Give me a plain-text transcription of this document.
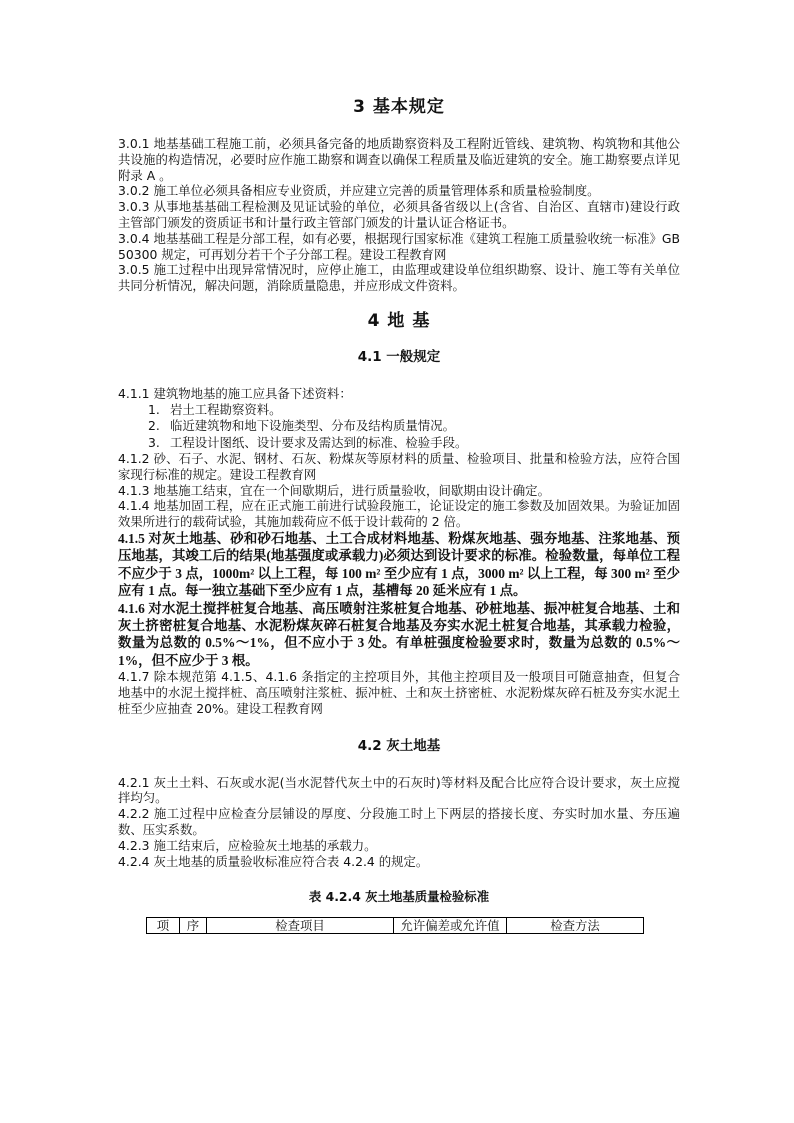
3 基本规定

3.0.1 地基基础工程施工前，必须具备完备的地质勘察资料及工程附近管线、建筑物、构筑物和其他公共设施的构造情况，必要时应作施工勘察和调查以确保工程质量及临近建筑的安全。施工勘察要点详见附录 A 。

3.0.2 施工单位必须具备相应专业资质，并应建立完善的质量管理体系和质量检验制度。

3.0.3 从事地基基础工程检测及见证试验的单位，必须具备省级以上(含省、自治区、直辖市)建设行政主管部门颁发的资质证书和计量行政主管部门颁发的计量认证合格证书。

3.0.4 地基基础工程是分部工程，如有必要，根据现行国家标准《建筑工程施工质量验收统一标准》GB50300 规定，可再划分若干个子分部工程。建设工程教育网

3.0.5 施工过程中出现异常情况时，应停止施工，由监理或建设单位组织勘察、设计、施工等有关单位共同分析情况，解决问题，消除质量隐患，并应形成文件资料。

4 地 基
4.1 一般规定

4.1.1 建筑物地基的施工应具备下述资料：

1. 岩土工程勘察资料。
2. 临近建筑物和地下设施类型、分布及结构质量情况。
3. 工程设计图纸、设计要求及需达到的标准、检验手段。

4.1.2 砂、石子、水泥、钢材、石灰、粉煤灰等原材料的质量、检验项目、批量和检验方法，应符合国家现行标准的规定。建设工程教育网

4.1.3 地基施工结束，宜在一个间歇期后，进行质量验收，间歇期由设计确定。

4.1.4 地基加固工程，应在正式施工前进行试验段施工，论证设定的施工参数及加固效果。为验证加固效果所进行的载荷试验，其施加载荷应不低于设计载荷的 2 倍。

4.1.5 对灰土地基、砂和砂石地基、土工合成材料地基、粉煤灰地基、强夯地基、注浆地基、预压地基，其竣工后的结果(地基强度或承载力)必须达到设计要求的标准。检验数量，每单位工程不应少于 3 点，1000m² 以上工程，每 100 m² 至少应有 1 点，3000 m² 以上工程，每 300 m² 至少应有 1 点。每一独立基础下至少应有 1 点，基槽每 20 延米应有 1 点。

4.1.6 对水泥土搅拌桩复合地基、高压喷射注浆桩复合地基、砂桩地基、振冲桩复合地基、土和灰土挤密桩复合地基、水泥粉煤灰碎石桩复合地基及夯实水泥土桩复合地基，其承载力检验，数量为总数的 0.5%～1%，但不应小于 3 处。有单桩强度检验要求时，数量为总数的 0.5%～1%，但不应少于 3 根。

4.1.7 除本规范第 4.1.5、4.1.6 条指定的主控项目外，其他主控项目及一般项目可随意抽查，但复合地基中的水泥土搅拌桩、高压喷射注浆桩、振冲桩、土和灰土挤密桩、水泥粉煤灰碎石桩及夯实水泥土桩至少应抽查 20%。建设工程教育网

4.2 灰土地基

4.2.1 灰土土料、石灰或水泥(当水泥替代灰土中的石灰时)等材料及配合比应符合设计要求，灰土应搅拌均匀。

4.2.2 施工过程中应检查分层铺设的厚度、分段施工时上下两层的搭接长度、夯实时加水量、夯压遍数、压实系数。

4.2.3 施工结束后，应检验灰土地基的承载力。

4.2.4 灰土地基的质量验收标准应符合表 4.2.4 的规定。

表 4.2.4 灰土地基质量检验标准
项	序	检查项目	允许偏差或允许值	检查方法
